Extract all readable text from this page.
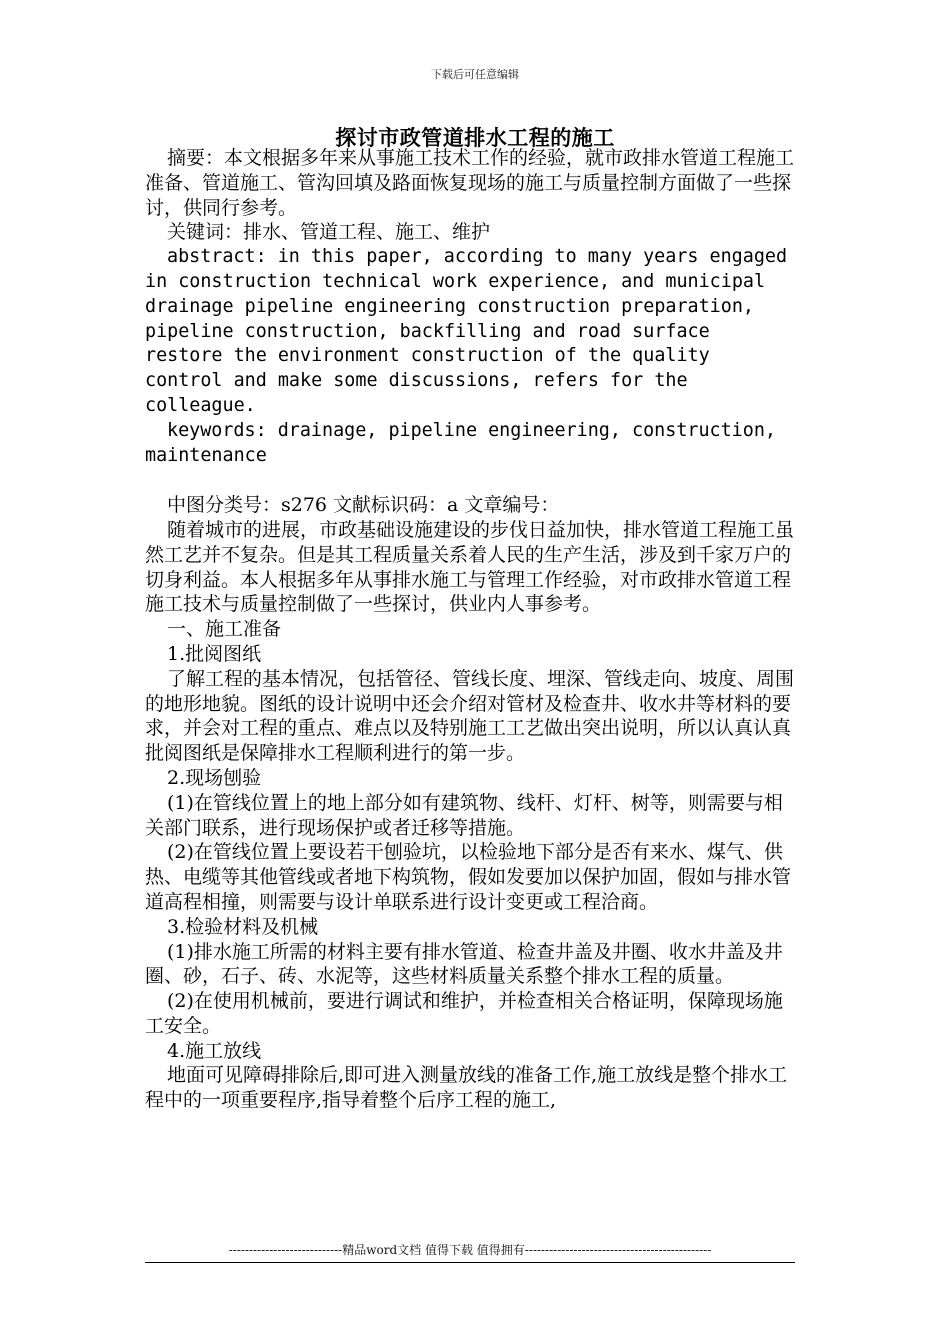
下载后可任意编辑
探讨市政管道排水工程的施工

摘要：本文根据多年来从事施工技术工作的经验，就市政排水管道工程施工准备、管道施工、管沟回填及路面恢复现场的施工与质量控制方面做了一些探讨，供同行参考。

关键词：排水、管道工程、施工、维护

abstract: in this paper, according to many years engaged in construction technical work experience, and municipal drainage pipeline engineering construction preparation, pipeline construction, backfilling and road surface restore the environment construction of the quality control and make some discussions, refers for the colleague.

keywords: drainage, pipeline engineering, construction, maintenance

中图分类号：s276 文献标识码：a 文章编号：

随着城市的进展，市政基础设施建设的步伐日益加快，排水管道工程施工虽然工艺并不复杂。但是其工程质量关系着人民的生产生活，涉及到千家万户的切身利益。本人根据多年从事排水施工与管理工作经验，对市政排水管道工程施工技术与质量控制做了一些探讨，供业内人事参考。

一、施工准备

1.批阅图纸

了解工程的基本情况，包括管径、管线长度、埋深、管线走向、坡度、周围的地形地貌。图纸的设计说明中还会介绍对管材及检查井、收水井等材料的要求，并会对工程的重点、难点以及特别施工工艺做出突出说明，所以认真认真批阅图纸是保障排水工程顺利进行的第一步。

2.现场刨验

(1)在管线位置上的地上部分如有建筑物、线杆、灯杆、树等，则需要与相关部门联系，进行现场保护或者迁移等措施。

(2)在管线位置上要设若干刨验坑，以检验地下部分是否有来水、煤气、供热、电缆等其他管线或者地下构筑物，假如发要加以保护加固，假如与排水管道高程相撞，则需要与设计单联系进行设计变更或工程洽商。

3.检验材料及机械

(1)排水施工所需的材料主要有排水管道、检查井盖及井圈、收水井盖及井圈、砂，石子、砖、水泥等，这些材料质量关系整个排水工程的质量。

(2)在使用机械前，要进行调试和维护，并检查相关合格证明，保障现场施工安全。

4.施工放线

地面可见障碍排除后,即可进入测量放线的准备工作,施工放线是整个排水工程中的一项重要程序,指导着整个后序工程的施工,

----------------------------精品word文档 值得下载 值得拥有----------------------------------------------
